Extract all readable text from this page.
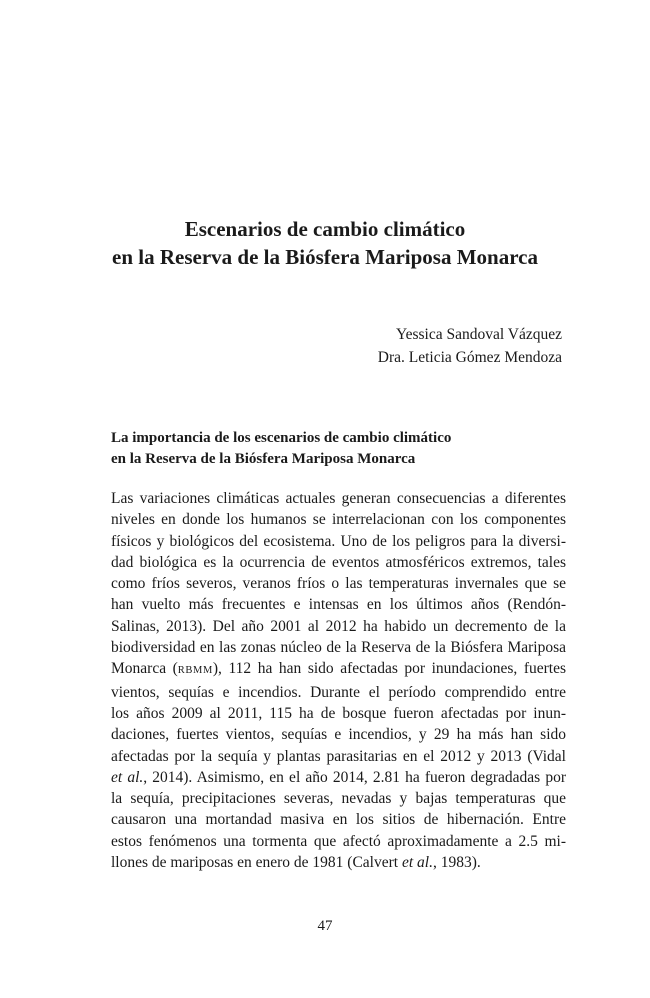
Escenarios de cambio climático
en la Reserva de la Biósfera Mariposa Monarca
Yessica Sandoval Vázquez
Dra. Leticia Gómez Mendoza
La importancia de los escenarios de cambio climático
en la Reserva de la Biósfera Mariposa Monarca
Las variaciones climáticas actuales generan consecuencias a diferentes
niveles en donde los humanos se interrelacionan con los componentes
físicos y biológicos del ecosistema. Uno de los peligros para la diversi-
dad biológica es la ocurrencia de eventos atmosféricos extremos, tales
como fríos severos, veranos fríos o las temperaturas invernales que se
han vuelto más frecuentes e intensas en los últimos años (Rendón-
Salinas, 2013). Del año 2001 al 2012 ha habido un decremento de la
biodiversidad en las zonas núcleo de la Reserva de la Biósfera Mariposa
Monarca (RBMM), 112 ha han sido afectadas por inundaciones, fuertes
vientos, sequías e incendios. Durante el período comprendido entre
los años 2009 al 2011, 115 ha de bosque fueron afectadas por inun-
daciones, fuertes vientos, sequías e incendios, y 29 ha más han sido
afectadas por la sequía y plantas parasitarias en el 2012 y 2013 (Vidal
et al., 2014). Asimismo, en el año 2014, 2.81 ha fueron degradadas por
la sequía, precipitaciones severas, nevadas y bajas temperaturas que
causaron una mortandad masiva en los sitios de hibernación. Entre
estos fenómenos una tormenta que afectó aproximadamente a 2.5 mi-
llones de mariposas en enero de 1981 (Calvert et al., 1983).
47
